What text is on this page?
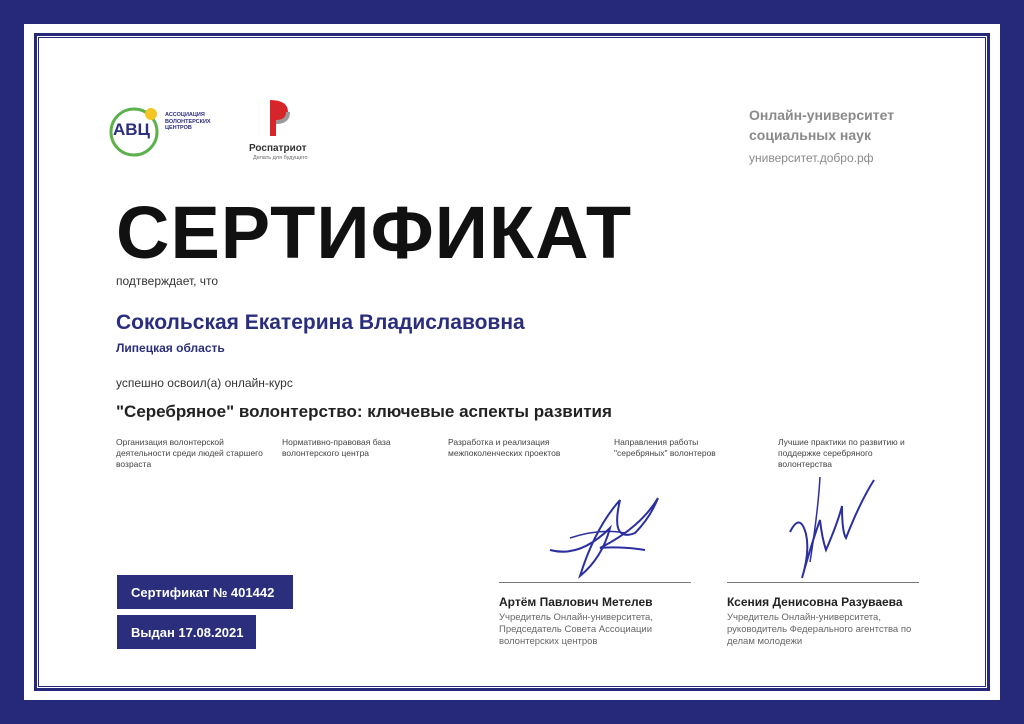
АВЦ
АССОЦИАЦИЯ ВОЛОНТЕРСКИХ ЦЕНТРОВ
Роспатриот
Делать для будущего
Онлайн-университет
социальных наук
университет.добро.рф
СЕРТИФИКАТ
подтверждает, что
Сокольская Екатерина Владиславовна
Липецкая область
успешно освоил(а) онлайн-курс
"Серебряное" волонтерство: ключевые аспекты развития
Организация волонтерской деятельности среди людей старшего возраста
Нормативно-правовая база волонтерского центра
Разработка и реализация межпоколенческих проектов
Направления работы "серебряных" волонтеров
Лучшие практики по развитию и поддержке серебряного волонтерства
Сертификат № 401442
Выдан 17.08.2021
Артём Павлович Метелев
Учредитель Онлайн-университета, Председатель Совета Ассоциации волонтерских центров
Ксения Денисовна Разуваева
Учредитель Онлайн-университета, руководитель Федерального агентства по делам молодежи
